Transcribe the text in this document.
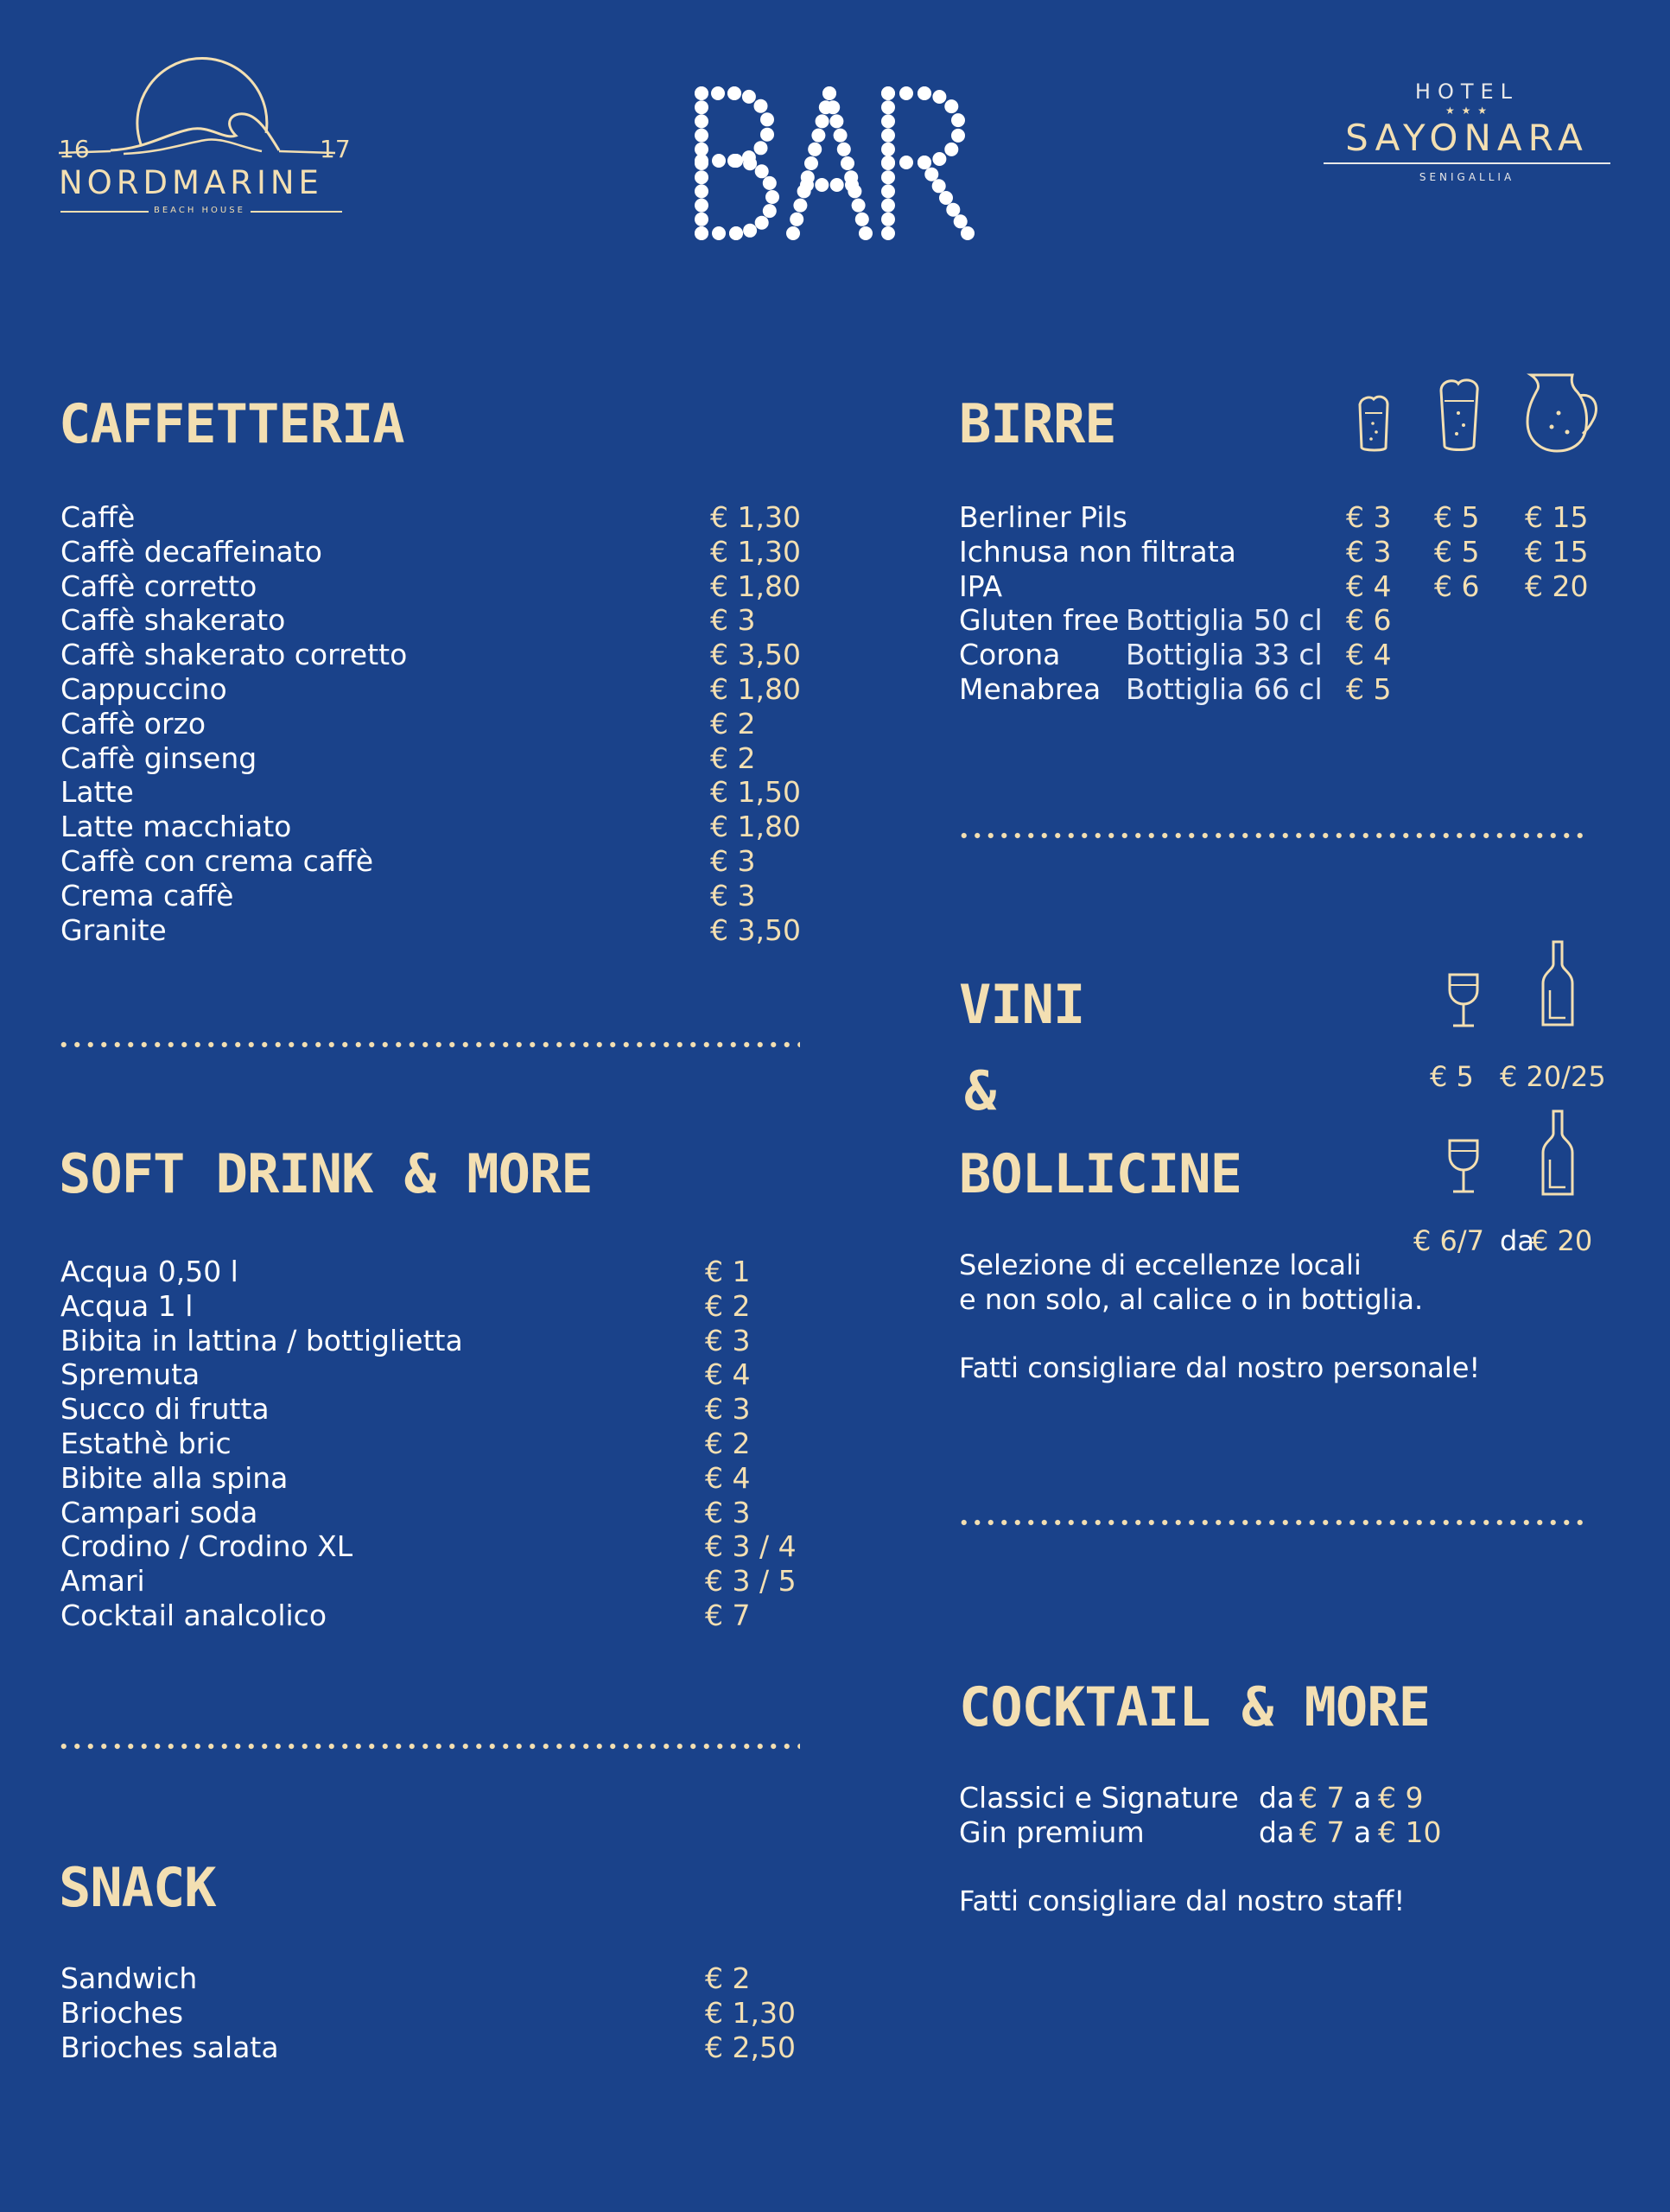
16	17
NORDMARINE
BEACH HOUSE
HOTEL
★ ★ ★
SAYONARA
SENIGALLIA
CAFFETTERIA
Caffè	€ 1,30
Caffè decaffeinato	€ 1,30
Caffè corretto	€ 1,80
Caffè shakerato	€ 3
Caffè shakerato corretto	€ 3,50
Cappuccino	€ 1,80
Caffè orzo	€ 2
Caffè ginseng	€ 2
Latte	€ 1,50
Latte macchiato	€ 1,80
Caffè con crema caffè	€ 3
Crema caffè	€ 3
Granite	€ 3,50
SOFT DRINK & MORE
Acqua 0,50 l	€ 1
Acqua 1 l	€ 2
Bibita in lattina / bottiglietta	€ 3
Spremuta	€ 4
Succo di frutta	€ 3
Estathè bric	€ 2
Bibite alla spina	€ 4
Campari soda	€ 3
Crodino / Crodino XL	€ 3 / 4
Amari	€ 3 / 5
Cocktail analcolico	€ 7
SNACK
Sandwich	€ 2
Brioches	€ 1,30
Brioches salata	€ 2,50
BIRRE
Berliner Pils	€ 3 € 5 € 15
Ichnusa non filtrata	€ 3 € 5 € 15
IPA	€ 4 € 6 € 20
Gluten free Bottiglia 50 cl € 6
Corona Bottiglia 33 cl € 4
Menabrea Bottiglia 66 cl € 5
VINI
&
BOLLICINE
€ 5 € 20/25
€ 6/7 da
€ 20
Selezione di eccellenze locali
e non solo, al calice o in bottiglia.
Fatti consigliare dal nostro personale!
COCKTAIL & MORE
Classici e Signature da € 7 a € 9
Gin premium	da € 7 a € 10
Fatti consigliare dal nostro staff!
